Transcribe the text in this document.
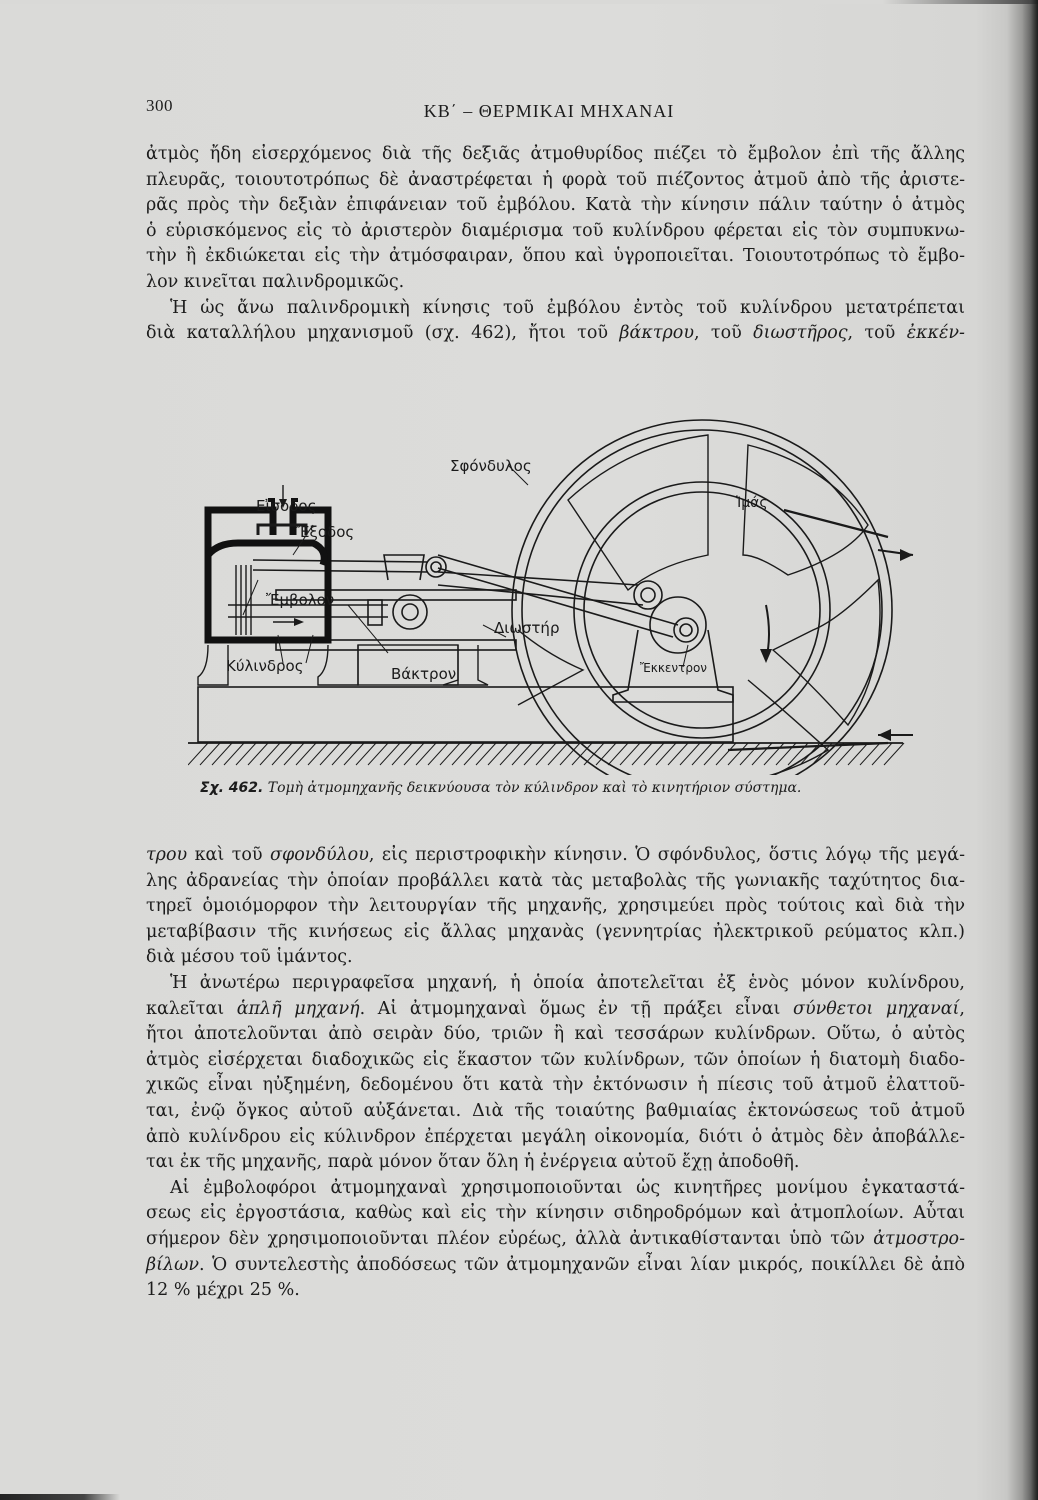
300	ΚΒ΄ – ΘΕΡΜΙΚΑΙ ΜΗΧΑΝΑΙ
ἀτμὸς ἤδη εἰσερχόμενος διὰ τῆς δεξιᾶς ἀτμοθυρίδος πιέζει τὸ ἔμβολον ἐπὶ τῆς ἄλλης
πλευρᾶς, τοιουτοτρόπως δὲ ἀναστρέφεται ἡ φορὰ τοῦ πιέζοντος ἀτμοῦ ἀπὸ τῆς ἀριστε-
ρᾶς πρὸς τὴν δεξιὰν ἐπιφάνειαν τοῦ ἐμβόλου. Κατὰ τὴν κίνησιν πάλιν ταύτην ὁ ἀτμὸς
ὁ εὑρισκόμενος εἰς τὸ ἀριστερὸν διαμέρισμα τοῦ κυλίνδρου φέρεται εἰς τὸν συμπυκνω-
τὴν ἢ ἐκδιώκεται εἰς τὴν ἀτμόσφαιραν, ὅπου καὶ ὑγροποιεῖται. Τοιουτοτρόπως τὸ ἔμβο-
λον κινεῖται παλινδρομικῶς.
Ἡ ὡς ἄνω παλινδρομικὴ κίνησις τοῦ ἐμβόλου ἐντὸς τοῦ κυλίνδρου μετατρέπεται
διὰ καταλλήλου μηχανισμοῦ (σχ. 462), ἤτοι τοῦ βάκτρου, τοῦ διωστῆρος, τοῦ ἐκκέν-
Σφόνδυλος
Εἴσοδος
Ἔξοδος
Ἱμάς
Ἔμβολον
Διωστήρ
Κύλινδρος	Βάκτρον	Ἔκκεντρον
Σχ. 462. Τομὴ ἀτμομηχανῆς δεικνύουσα τὸν κύλινδρον καὶ τὸ κινητήριον σύστημα.
τρου καὶ τοῦ σφονδύλου, εἰς περιστροφικὴν κίνησιν. Ὁ σφόνδυλος, ὅστις λόγῳ τῆς μεγά-
λης ἀδρανείας τὴν ὁποίαν προβάλλει κατὰ τὰς μεταβολὰς τῆς γωνιακῆς ταχύτητος δια-
τηρεῖ ὁμοιόμορφον τὴν λειτουργίαν τῆς μηχανῆς, χρησιμεύει πρὸς τούτοις καὶ διὰ τὴν
μεταβίβασιν τῆς κινήσεως εἰς ἄλλας μηχανὰς (γεννητρίας ἠλεκτρικοῦ ρεύματος κλπ.)
διὰ μέσου τοῦ ἱμάντος.
Ἡ ἀνωτέρω περιγραφεῖσα μηχανή, ἡ ὁποία ἀποτελεῖται ἐξ ἑνὸς μόνον κυλίνδρου,
καλεῖται ἁπλῆ μηχανή. Αἱ ἀτμομηχαναὶ ὅμως ἐν τῇ πράξει εἶναι σύνθετοι μηχαναί,
ἤτοι ἀποτελοῦνται ἀπὸ σειρὰν δύο, τριῶν ἢ καὶ τεσσάρων κυλίνδρων. Οὕτω, ὁ αὐτὸς
ἀτμὸς εἰσέρχεται διαδοχικῶς εἰς ἕκαστον τῶν κυλίνδρων, τῶν ὁποίων ἡ διατομὴ διαδο-
χικῶς εἶναι ηὐξημένη, δεδομένου ὅτι κατὰ τὴν ἐκτόνωσιν ἡ πίεσις τοῦ ἀτμοῦ ἐλαττοῦ-
ται, ἐνῷ ὄγκος αὐτοῦ αὐξάνεται. Διὰ τῆς τοιαύτης βαθμιαίας ἐκτονώσεως τοῦ ἀτμοῦ
ἀπὸ κυλίνδρου εἰς κύλινδρον ἐπέρχεται μεγάλη οἰκονομία, διότι ὁ ἀτμὸς δὲν ἀποβάλλε-
ται ἐκ τῆς μηχανῆς, παρὰ μόνον ὅταν ὅλη ἡ ἐνέργεια αὐτοῦ ἔχῃ ἀποδοθῆ.
Αἱ ἐμβολοφόροι ἀτμομηχαναὶ χρησιμοποιοῦνται ὡς κινητῆρες μονίμου ἐγκαταστά-
σεως εἰς ἐργοστάσια, καθὼς καὶ εἰς τὴν κίνησιν σιδηροδρόμων καὶ ἀτμοπλοίων. Αὗται
σήμερον δὲν χρησιμοποιοῦνται πλέον εὐρέως, ἀλλὰ ἀντικαθίστανται ὑπὸ τῶν ἀτμοστρο-
βίλων. Ὁ συντελεστὴς ἀποδόσεως τῶν ἀτμομηχανῶν εἶναι λίαν μικρός, ποικίλλει δὲ ἀπὸ
12 % μέχρι 25 %.
